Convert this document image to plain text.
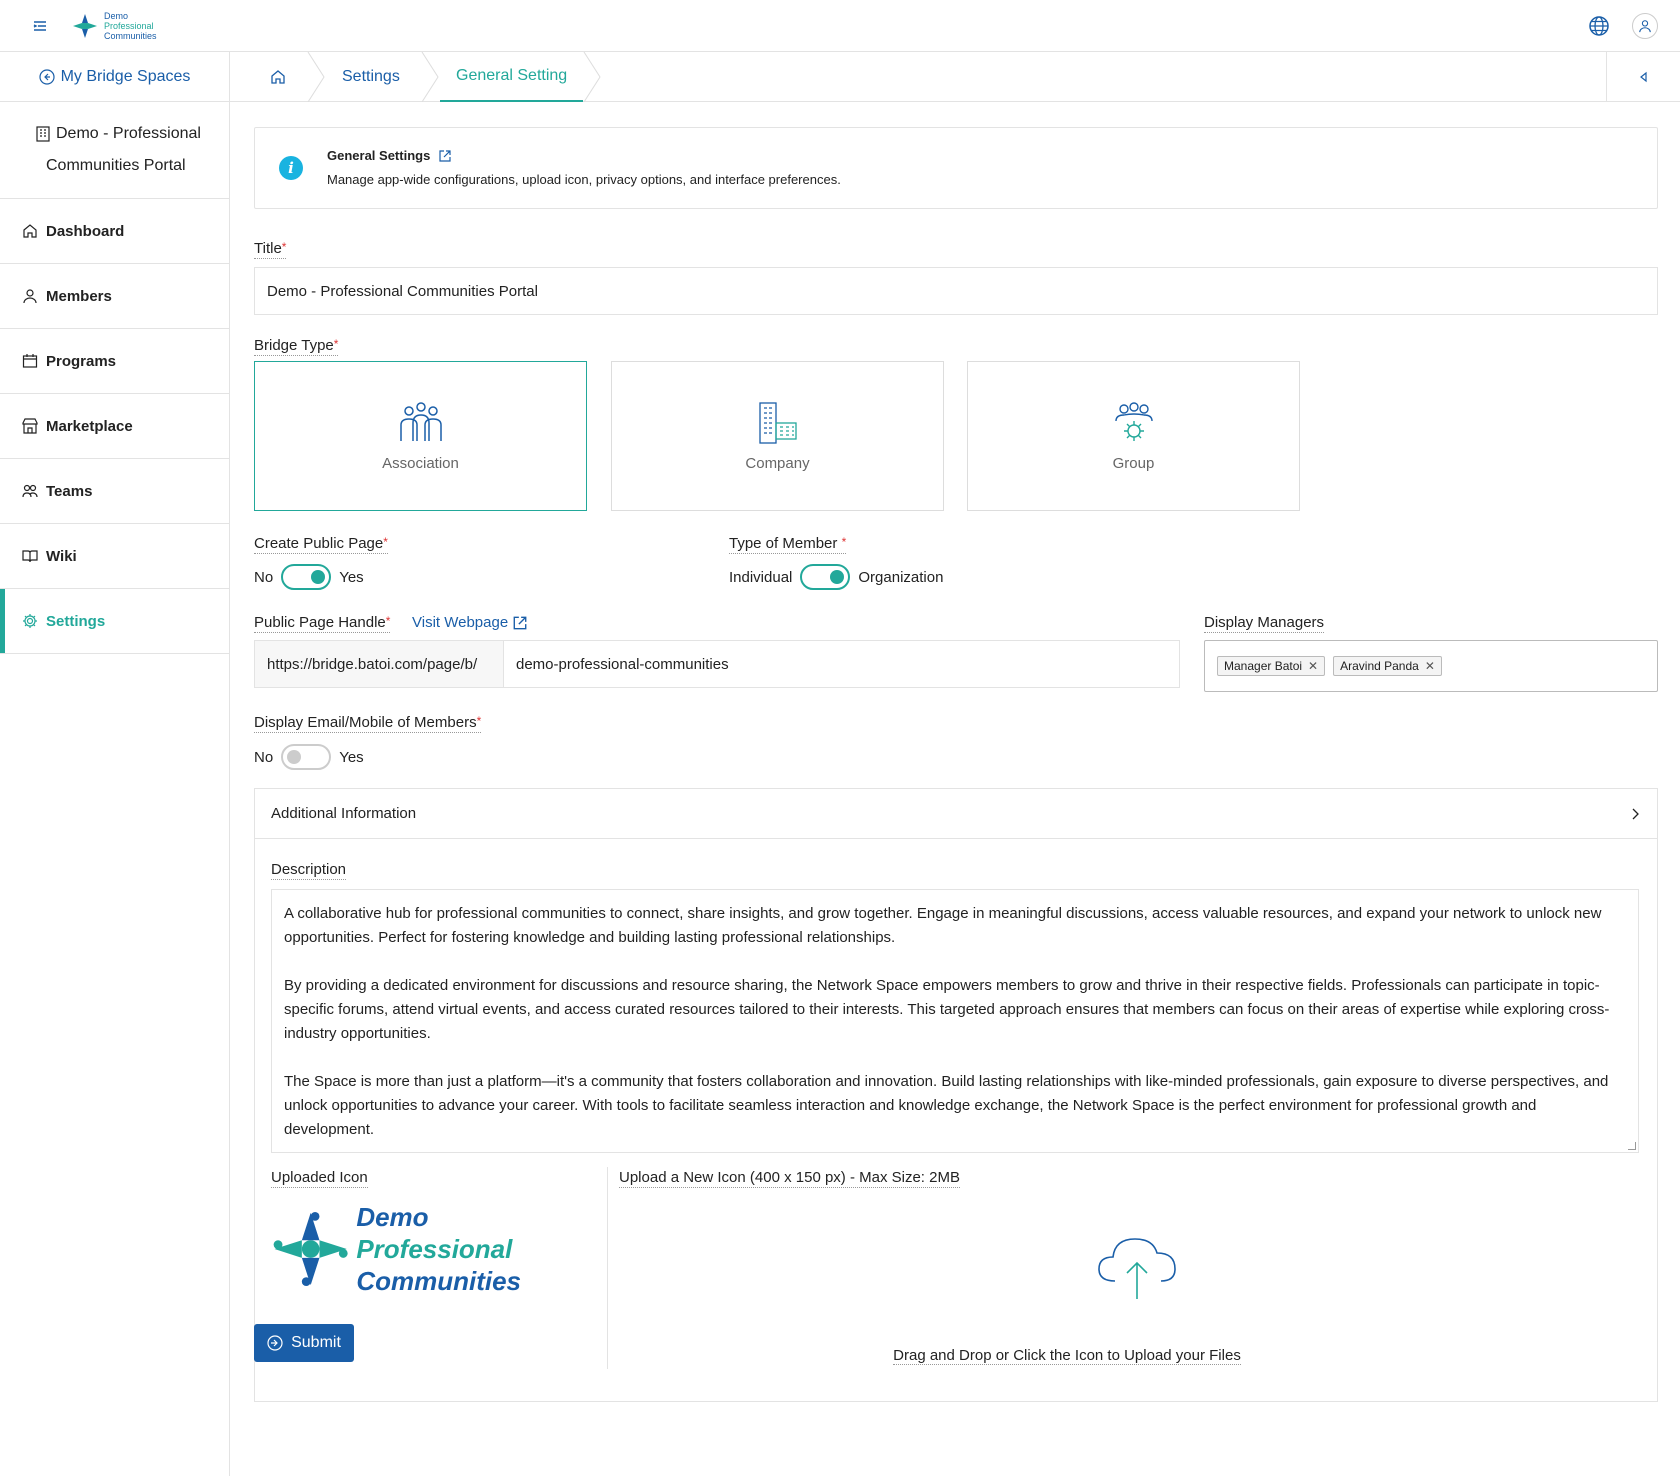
Demo
Professional
Communities
My Bridge Spaces
Demo - Professional
Communities Portal
Dashboard
Members
Programs
Marketplace
Teams
Wiki
Settings
Settings	General Setting
i
General Settings
Manage app-wide configurations, upload icon, privacy options, and interface preferences.
Title*
Demo - Professional Communities Portal
Bridge Type*
Association	Company	Group
Create Public Page*
No	Yes
Type of Member *
Individual	Organization
Public Page Handle* Visit Webpage
https://bridge.batoi.com/page/b/	demo-professional-communities
Display Managers
Manager Batoi ✕ Aravind Panda ✕
Display Email/Mobile of Members*
No	Yes
Additional Information
Description

A collaborative hub for professional communities to connect, share insights, and grow together. Engage in meaningful discussions, access valuable resources, and expand your network to unlock new opportunities. Perfect for fostering knowledge and building lasting professional relationships.

By providing a dedicated environment for discussions and resource sharing, the Network Space empowers members to grow and thrive in their respective fields. Professionals can participate in topic-specific forums, attend virtual events, and access curated resources tailored to their interests. This targeted approach ensures that members can focus on their areas of expertise while exploring cross-industry opportunities.

The Space is more than just a platform—it's a community that fosters collaboration and innovation. Build lasting relationships with like-minded professionals, gain exposure to diverse perspectives, and unlock opportunities to advance your career. With tools to facilitate seamless interaction and knowledge exchange, the Network Space is the perfect environment for professional growth and development.

Uploaded Icon
Demo
Professional
Communities
Upload a New Icon (400 x 150 px) - Max Size: 2MB
Drag and Drop or Click the Icon to Upload your Files
Submit
